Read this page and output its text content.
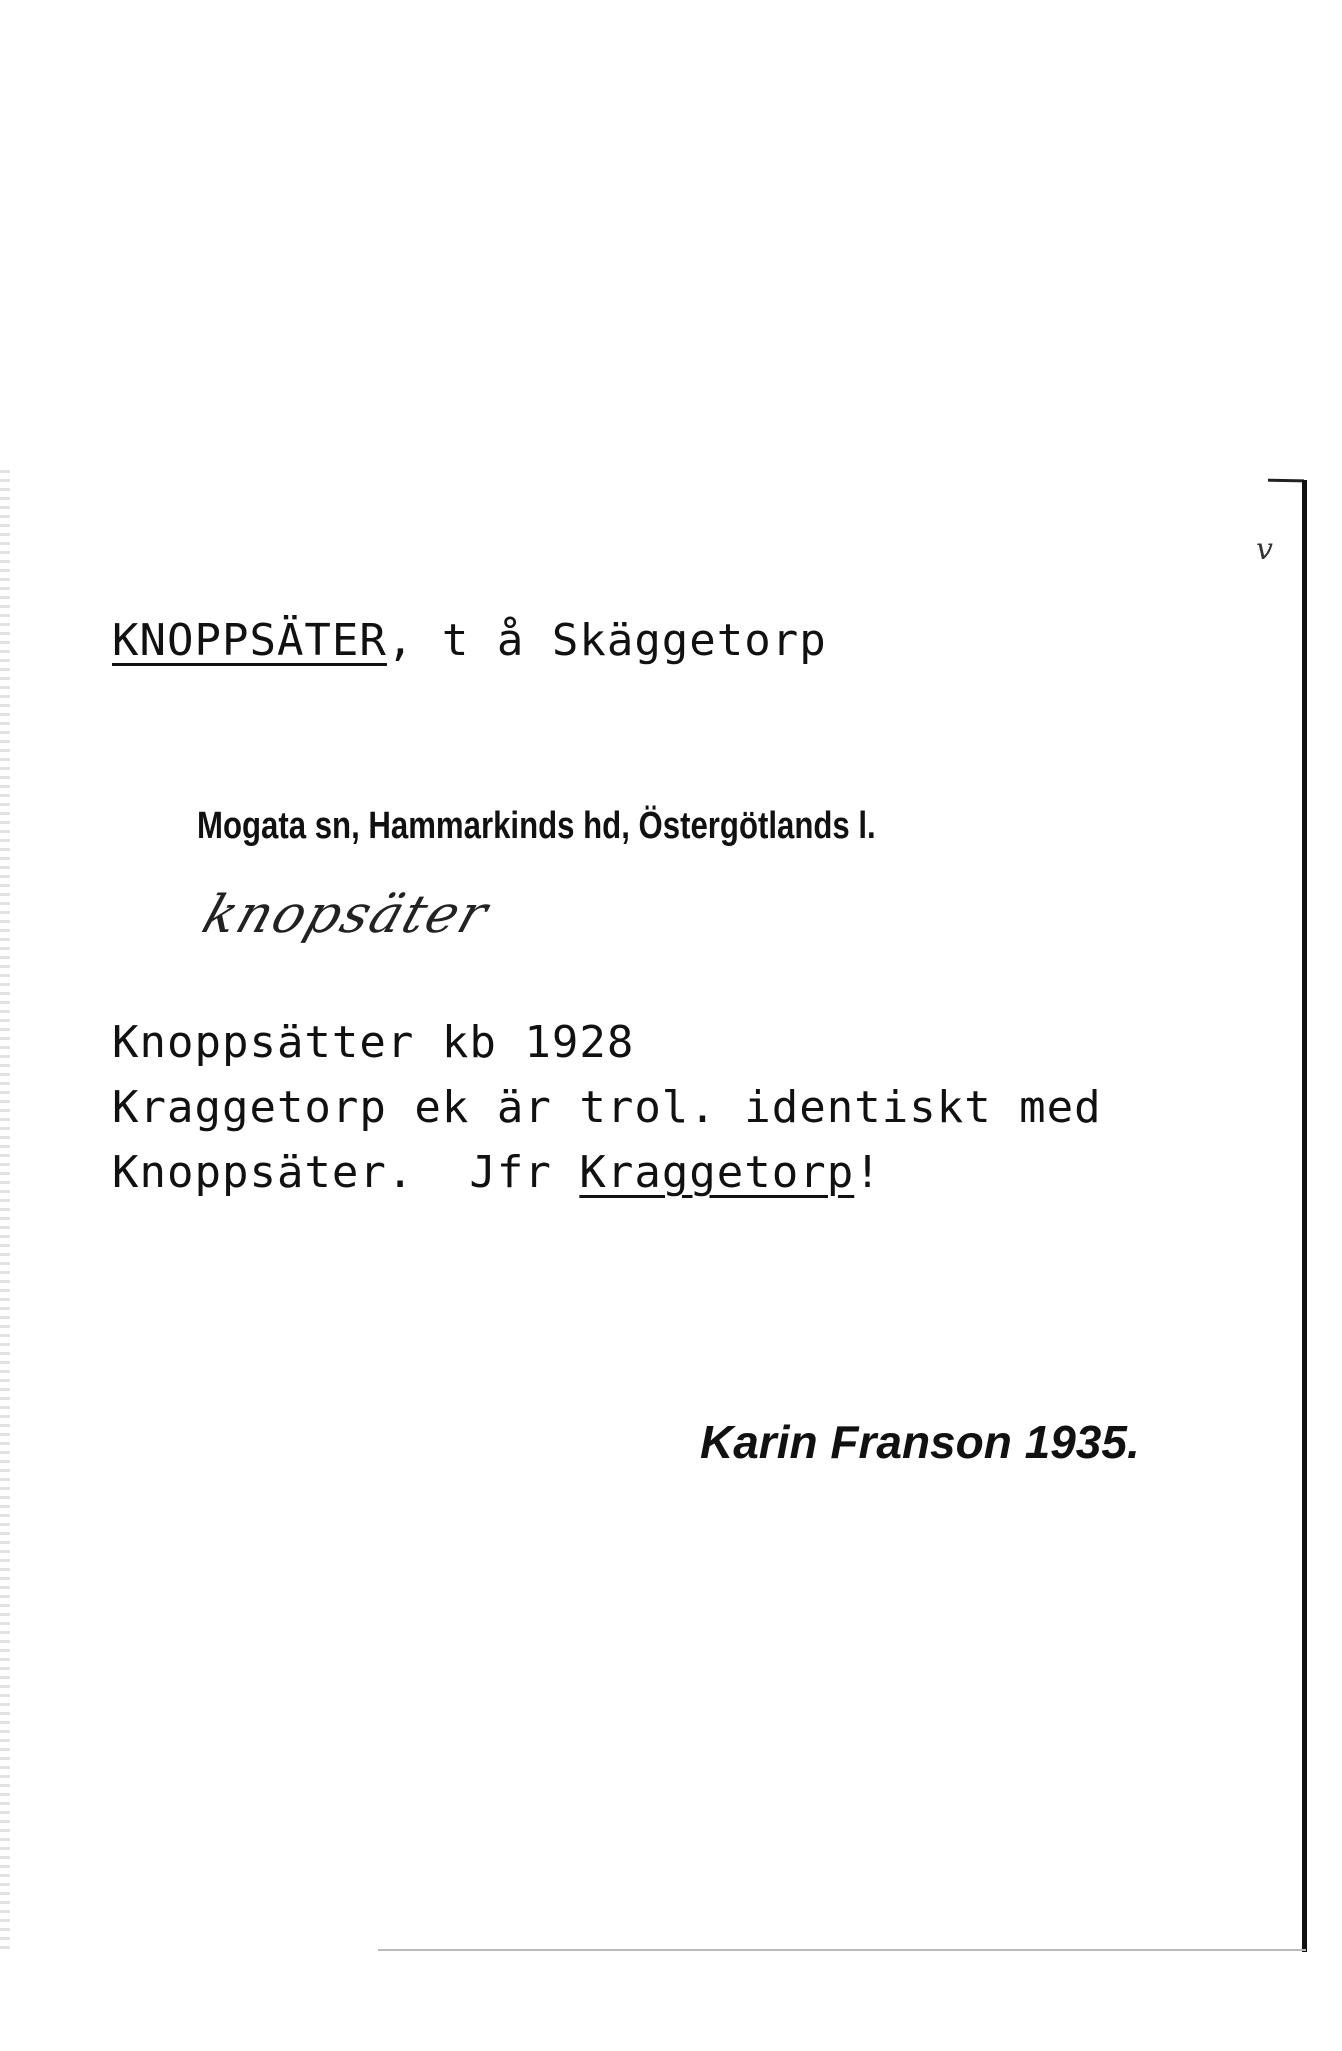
v
KNOPPSÄTER, t å Skäggetorp
Mogata sn, Hammarkinds hd, Östergötlands l.
knopsäter
Knoppsätter kb 1928
Kraggetorp ek är trol. identiskt med
Knoppsäter.  Jfr Kraggetorp!
Karin Franson 1935.
